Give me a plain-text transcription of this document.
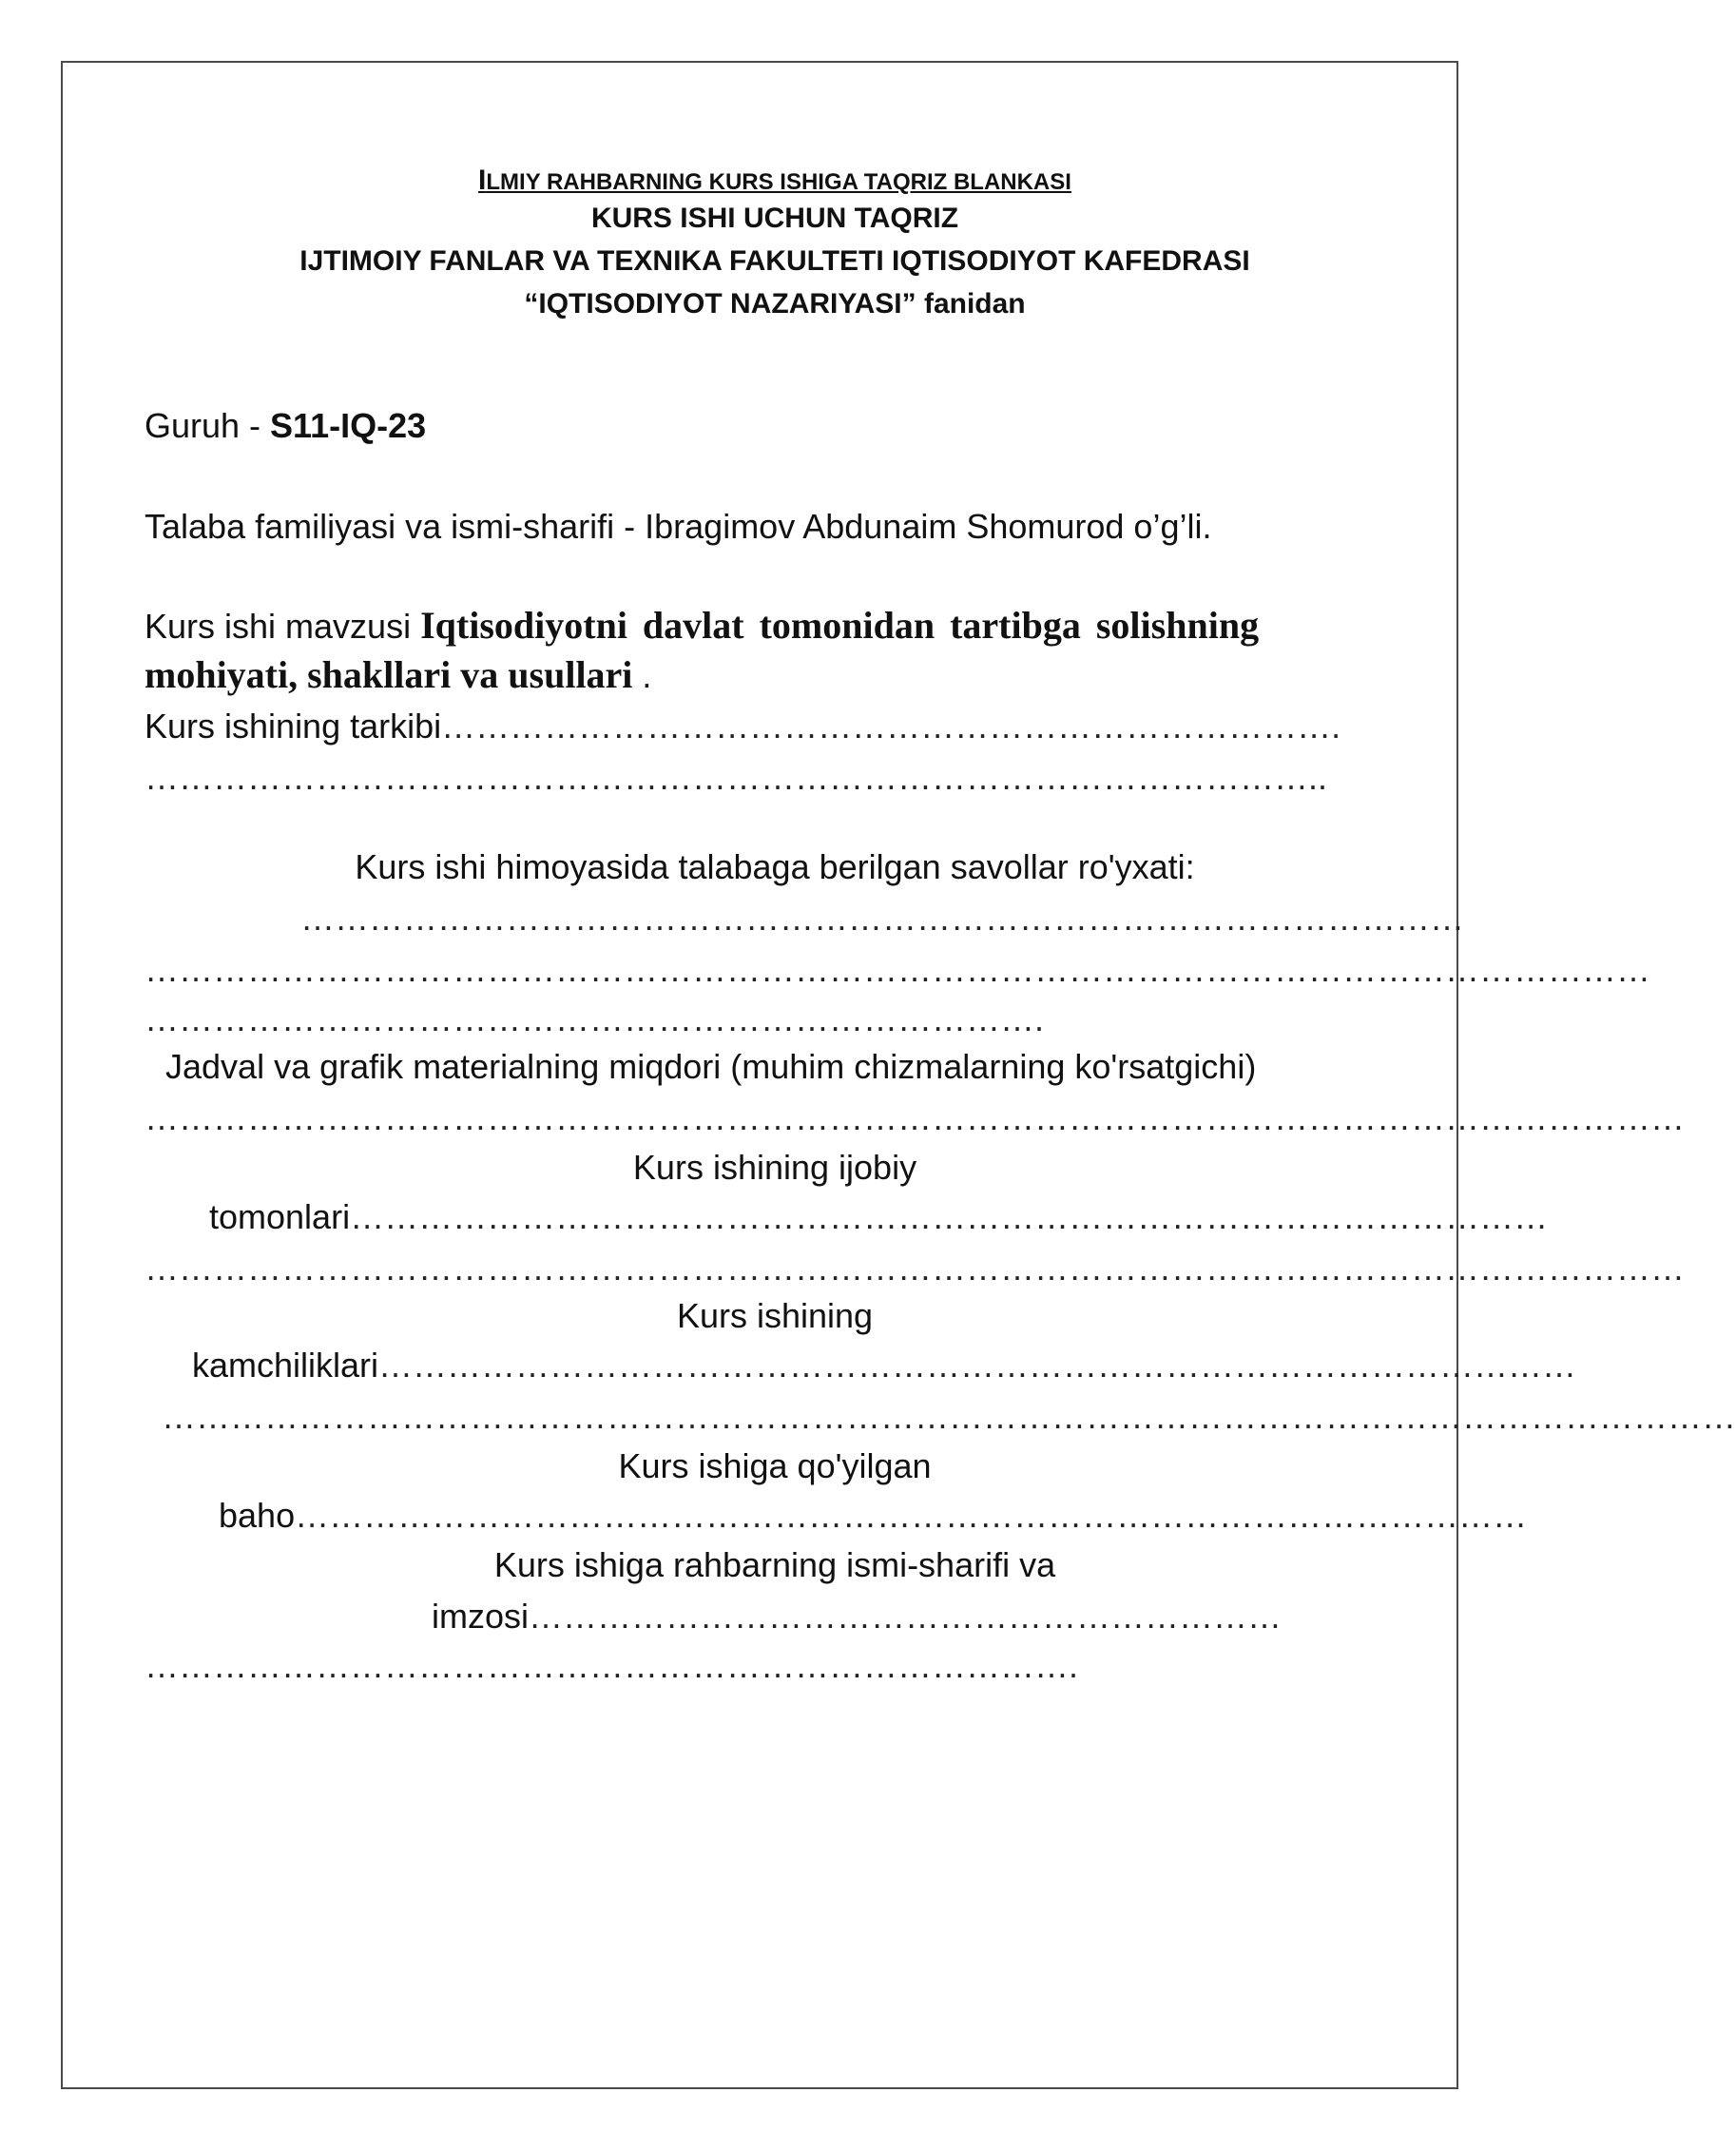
ILMIY RAHBARNING KURS ISHIGA TAQRIZ BLANKASI
KURS ISHI UCHUN TAQRIZ
IJTIMOIY FANLAR VA TEXNIKA FAKULTETI IQTISODIYOT KAFEDRASI
“IQTISODIYOT NAZARIYASI” fanidan
Guruh - S11-IQ-23
Talaba familiyasi va ismi-sharifi - Ibragimov Abdunaim Shomurod o’g’li.
Kurs ishi mavzusi Iqtisodiyotni davlat tomonidan tartibga solishning
mohiyati, shakllari va usullari .
Kurs ishining tarkibi…………………………………………………………………….
…………………………………………………………………………………………..
Kurs ishi himoyasida talabaga berilgan savollar ro'yxati:
…………………………………………………………………………………………
……………………………………………………………………………………………………………………
…………………………………………………………………….
Jadval va grafik materialning miqdori (muhim chizmalarning ko'rsatgichi)
………………………………………………………………………………………………………………………
Kurs ishining ijobiy
tomonlari……………………………………………………………………………………………
………………………………………………………………………………………………………………………
Kurs ishining
kamchiliklari……………………………………………………………………………………………
…………………………………………………………………………………………………………………………
Kurs ishiga qo'yilgan
baho………………………………………………………………………………………………
Kurs ishiga rahbarning ismi-sharifi va
imzosi…………………………………………………………
……………………………………………………………………….
